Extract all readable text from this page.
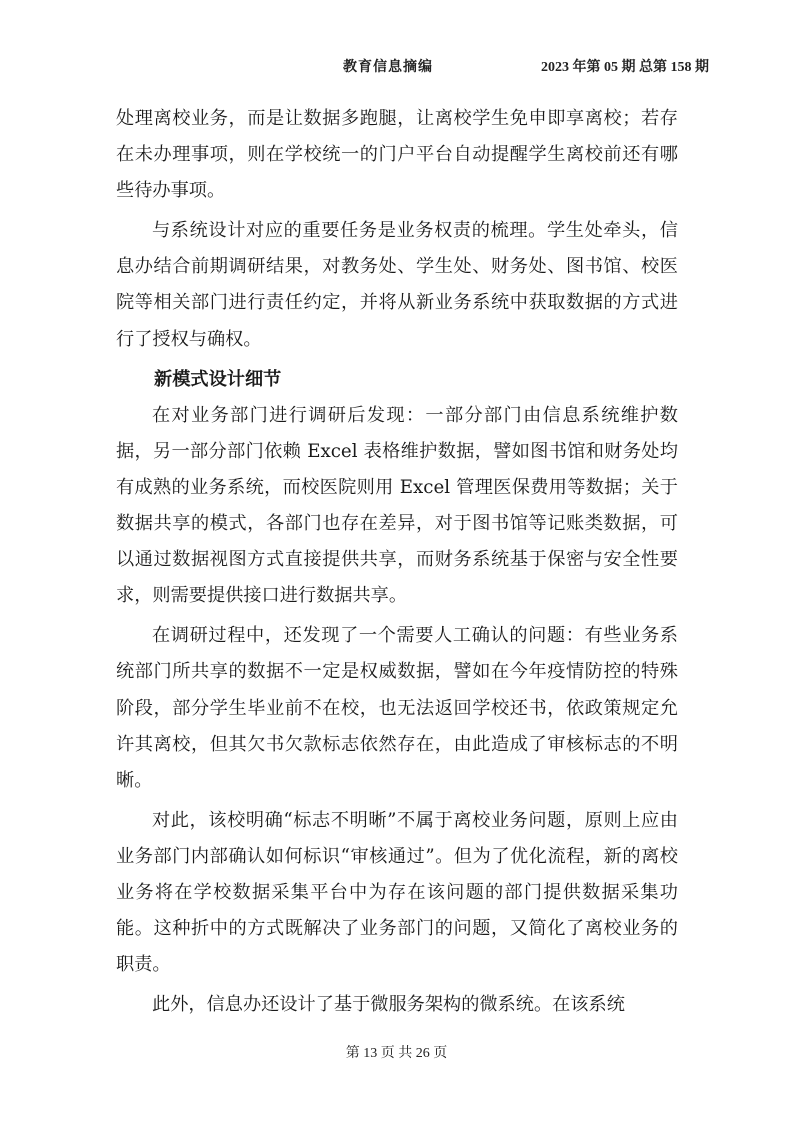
教育信息摘编	2023 年第 05 期 总第 158 期

处理离校业务，而是让数据多跑腿，让离校学生免申即享离校；若存在未办理事项，则在学校统一的门户平台自动提醒学生离校前还有哪些待办事项。

与系统设计对应的重要任务是业务权责的梳理。学生处牵头，信息办结合前期调研结果，对教务处、学生处、财务处、图书馆、校医院等相关部门进行责任约定，并将从新业务系统中获取数据的方式进行了授权与确权。

新模式设计细节

在对业务部门进行调研后发现：一部分部门由信息系统维护数据，另一部分部门依赖 Excel 表格维护数据，譬如图书馆和财务处均有成熟的业务系统，而校医院则用 Excel 管理医保费用等数据；关于数据共享的模式，各部门也存在差异，对于图书馆等记账类数据，可以通过数据视图方式直接提供共享，而财务系统基于保密与安全性要求，则需要提供接口进行数据共享。

在调研过程中，还发现了一个需要人工确认的问题：有些业务系统部门所共享的数据不一定是权威数据，譬如在今年疫情防控的特殊阶段，部分学生毕业前不在校，也无法返回学校还书，依政策规定允许其离校，但其欠书欠款标志依然存在，由此造成了审核标志的不明晰。

对此，该校明确“标志不明晰”不属于离校业务问题，原则上应由业务部门内部确认如何标识“审核通过”。但为了优化流程，新的离校业务将在学校数据采集平台中为存在该问题的部门提供数据采集功能。这种折中的方式既解决了业务部门的问题，又简化了离校业务的职责。

此外，信息办还设计了基于微服务架构的微系统。在该系统

第 13 页 共 26 页
